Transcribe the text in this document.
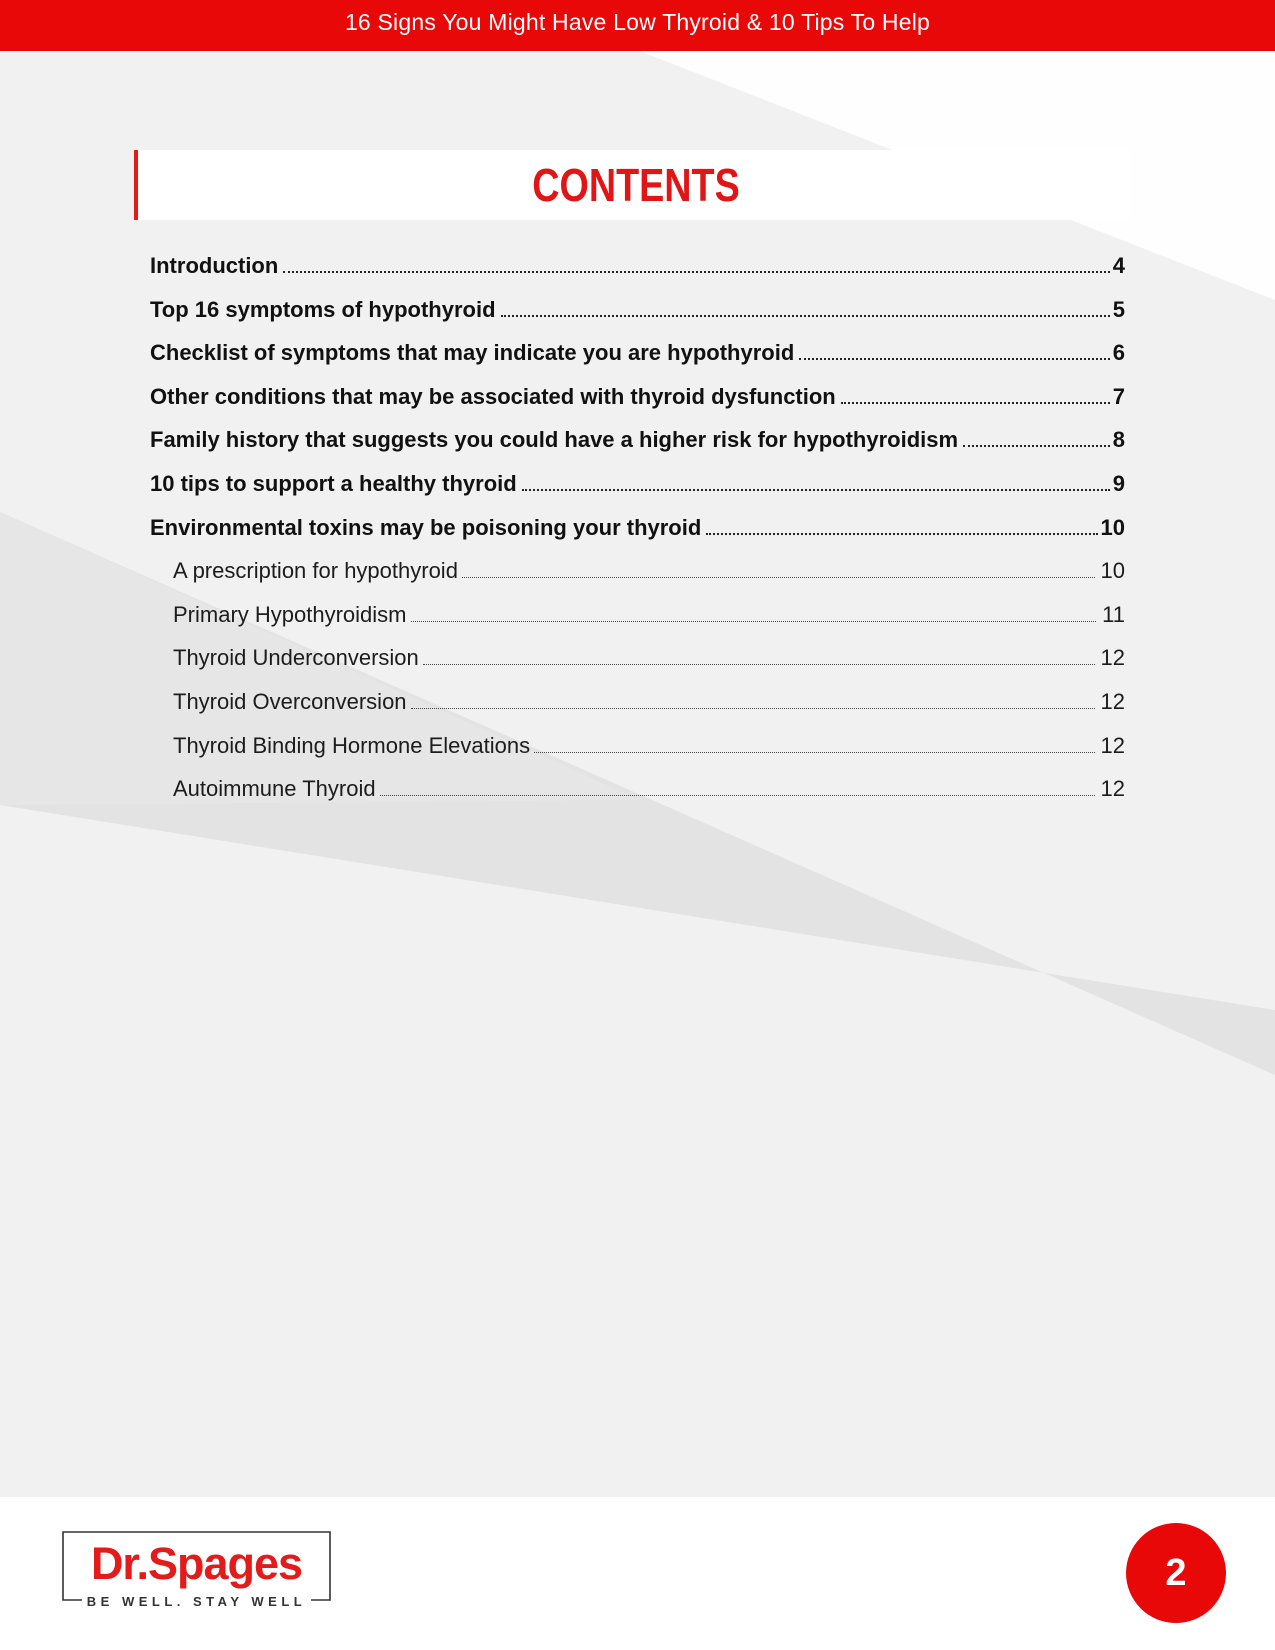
16 Signs You Might Have Low Thyroid & 10 Tips To Help
CONTENTS
Introduction	4
Top 16 symptoms of hypothyroid	5
Checklist of symptoms that may indicate you are hypothyroid	6
Other conditions that may be associated with thyroid dysfunction	7
Family history that suggests you could have a higher risk for hypothyroidism	8
10 tips to support a healthy thyroid	9
Environmental toxins may be poisoning your thyroid	10
A prescription for hypothyroid	10
Primary Hypothyroidism	11
Thyroid Underconversion	12
Thyroid Overconversion	12
Thyroid Binding Hormone Elevations	12
Autoimmune Thyroid	12
Dr.Spages
BE WELL. STAY WELL
2
